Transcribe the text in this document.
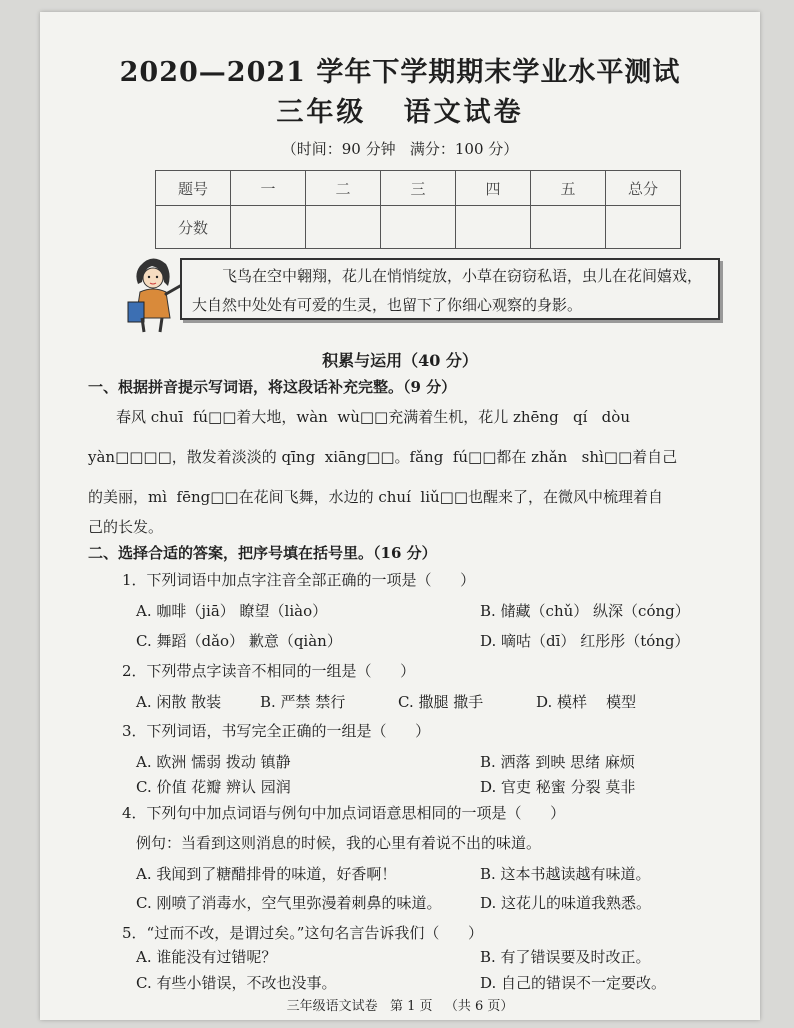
2020—2021 学年下学期期末学业水平测试
三年级   语文试卷
（时间：90 分钟   满分：100 分）
题号	一	二	三	四	五	总分
分数						

飞鸟在空中翱翔，花儿在悄悄绽放，小草在窃窃私语，虫儿在花间嬉戏，大自然中处处有可爱的生灵，也留下了你细心观察的身影。

积累与运用（40 分）
一、根据拼音提示写词语，将这段话补充完整。（9 分）
春风 chuī  fú□□着大地，wàn  wù□□充满着生机，花儿 zhēng   qí   dòu
yàn□□□□，散发着淡淡的 qīng  xiāng□□。fǎng  fú□□都在 zhǎn   shì□□着自己
的美丽，mì  fēng□□在花间飞舞，水边的 chuí  liǔ□□也醒来了，在微风中梳理着自
己的长发。
二、选择合适的答案，把序号填在括号里。（16 分）
1．下列词语中加点字注音全部正确的一项是（      ）
A. 咖啡（jiā） 瞭望（liào）	B. 储藏（chǔ） 纵深（cóng）
C. 舞蹈（dǎo） 歉意（qiàn）	D. 嘀咕（dī） 红彤彤（tóng）
2．下列带点字读音不相同的一组是（      ）
A. 闲散 散装	B. 严禁 禁行	C. 撒腿 撒手	D. 模样    模型
3．下列词语，书写完全正确的一组是（      ）
A. 欧洲 懦弱 拨动 镇静	B. 洒落 到映 思绪 麻烦
C. 价值 花瓣 辨认 园润	D. 官吏 秘蜜 分裂 莫非
4．下列句中加点词语与例句中加点词语意思相同的一项是（      ）
例句：当看到这则消息的时候，我的心里有着说不出的味道。
A. 我闻到了糖醋排骨的味道，好香啊！	B. 这本书越读越有味道。
C. 刚喷了消毒水，空气里弥漫着刺鼻的味道。	D. 这花儿的味道我熟悉。
5．“过而不改，是谓过矣。”这句名言告诉我们（      ）
A. 谁能没有过错呢？	B. 有了错误要及时改正。
C. 有些小错误，不改也没事。	D. 自己的错误不一定要改。
三年级语文试卷   第 1 页   （共 6 页）
